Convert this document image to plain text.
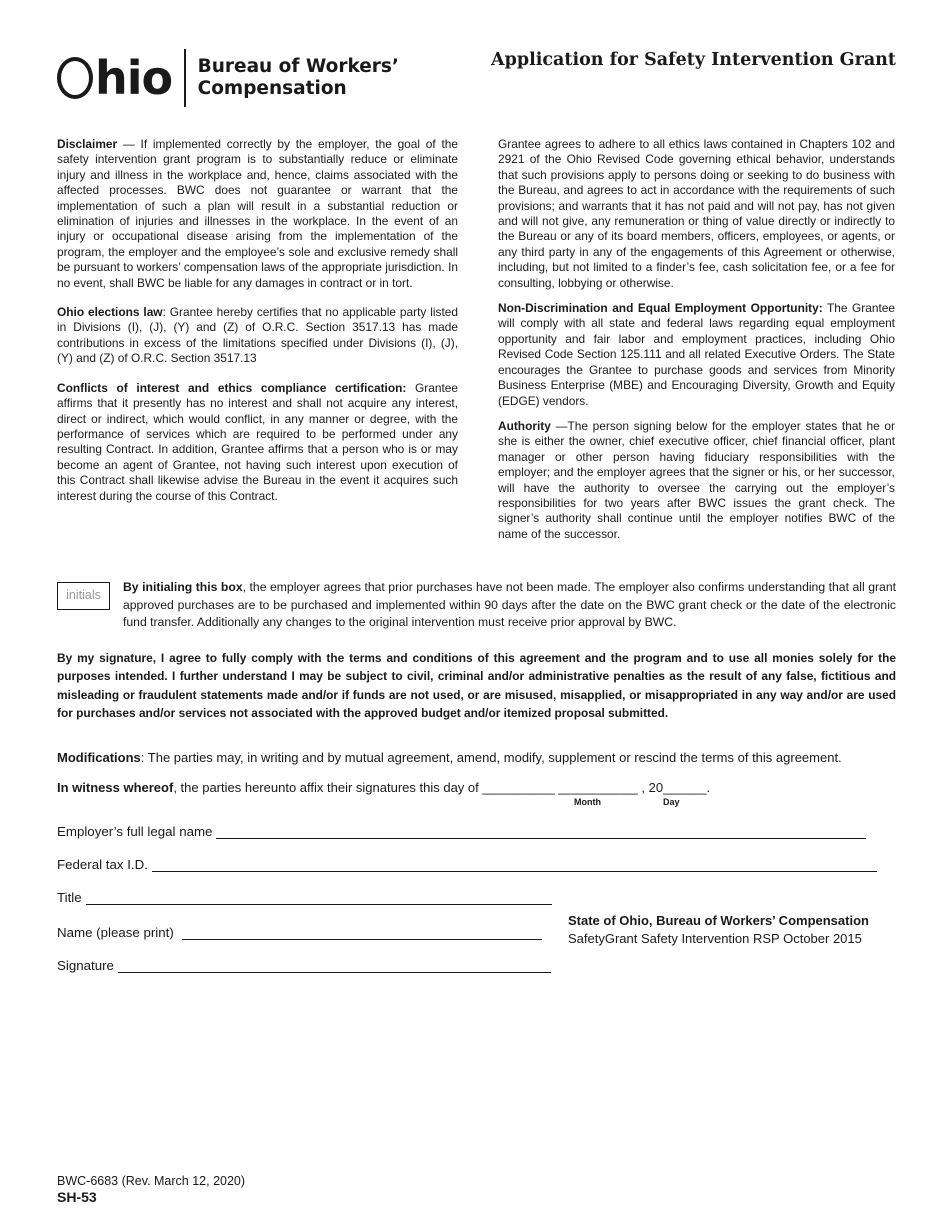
hio Bureau of Workers’
Compensation
Application for Safety Intervention Grant

Disclaimer — If implemented correctly by the employer, the goal of the safety intervention grant program is to substantially reduce or eliminate injury and illness in the workplace and, hence, claims associated with the affected processes. BWC does not guarantee or warrant that the implementation of such a plan will result in a substantial reduction or elimination of injuries and illnesses in the workplace. In the event of an injury or occupational disease arising from the implementation of the program, the employer and the employee’s sole and exclusive remedy shall be pursuant to workers’ compensation laws of the appropriate jurisdiction. In no event, shall BWC be liable for any damages in contract or in tort.

Ohio elections law: Grantee hereby certifies that no applicable party listed in Divisions (I), (J), (Y) and (Z) of O.R.C. Section 3517.13 has made contributions in excess of the limitations specified under Divisions (I), (J), (Y) and (Z) of O.R.C. Section 3517.13

Conflicts of interest and ethics compliance certification: Grantee affirms that it presently has no interest and shall not acquire any interest, direct or indirect, which would conflict, in any manner or degree, with the performance of services which are required to be performed under any resulting Contract. In addition, Grantee affirms that a person who is or may become an agent of Grantee, not having such interest upon execution of this Contract shall likewise advise the Bureau in the event it acquires such interest during the course of this Contract.

Grantee agrees to adhere to all ethics laws contained in Chapters 102 and 2921 of the Ohio Revised Code governing ethical behavior, understands that such provisions apply to persons doing or seeking to do business with the Bureau, and agrees to act in accordance with the requirements of such provisions; and warrants that it has not paid and will not pay, has not given and will not give, any remuneration or thing of value directly or indirectly to the Bureau or any of its board members, officers, employees, or agents, or any third party in any of the engagements of this Agreement or otherwise, including, but not limited to a finder’s fee, cash solicitation fee, or a fee for consulting, lobbying or otherwise.

Non-Discrimination and Equal Employment Opportunity: The Grantee will comply with all state and federal laws regarding equal employment opportunity and fair labor and employment practices, including Ohio Revised Code Section 125.111 and all related Executive Orders. The State encourages the Grantee to purchase goods and services from Minority Business Enterprise (MBE) and Encouraging Diversity, Growth and Equity (EDGE) vendors.

Authority —The person signing below for the employer states that he or she is either the owner, chief executive officer, chief financial officer, plant manager or other person having fiduciary responsibilities with the employer; and the employer agrees that the signer or his, or her successor, will have the authority to oversee the carrying out the employer’s responsibilities for two years after BWC issues the grant check. The signer’s authority shall continue until the employer notifies BWC of the name of the successor.

initials
By initialing this box, the employer agrees that prior purchases have not been made. The employer also confirms understanding that all grant approved purchases are to be purchased and implemented within 90 days after the date on the BWC grant check or the date of the electronic fund transfer. Additionally any changes to the original intervention must receive prior approval by BWC.
By my signature, I agree to fully comply with the terms and conditions of this agreement and the program and to use all monies solely for the purposes intended. I further understand I may be subject to civil, criminal and/or administrative penalties as the result of any false, fictitious and misleading or fraudulent statements made and/or if funds are not used, or are misused, misapplied, or misappropriated in any way and/or are used for purchases and/or services not associated with the approved budget and/or itemized proposal submitted.
Modifications: The parties may, in writing and by mutual agreement, amend, modify, supplement or rescind the terms of this agreement.
In witness whereof, the parties hereunto affix their signatures this day of __________ ___________ , 20______.
Month	Day
Employer’s full legal name
Federal tax I.D.
Title
Name (please print)
Signature
State of Ohio, Bureau of Workers’ Compensation
SafetyGrant Safety Intervention RSP October 2015
BWC-6683 (Rev. March 12, 2020)
SH-53
